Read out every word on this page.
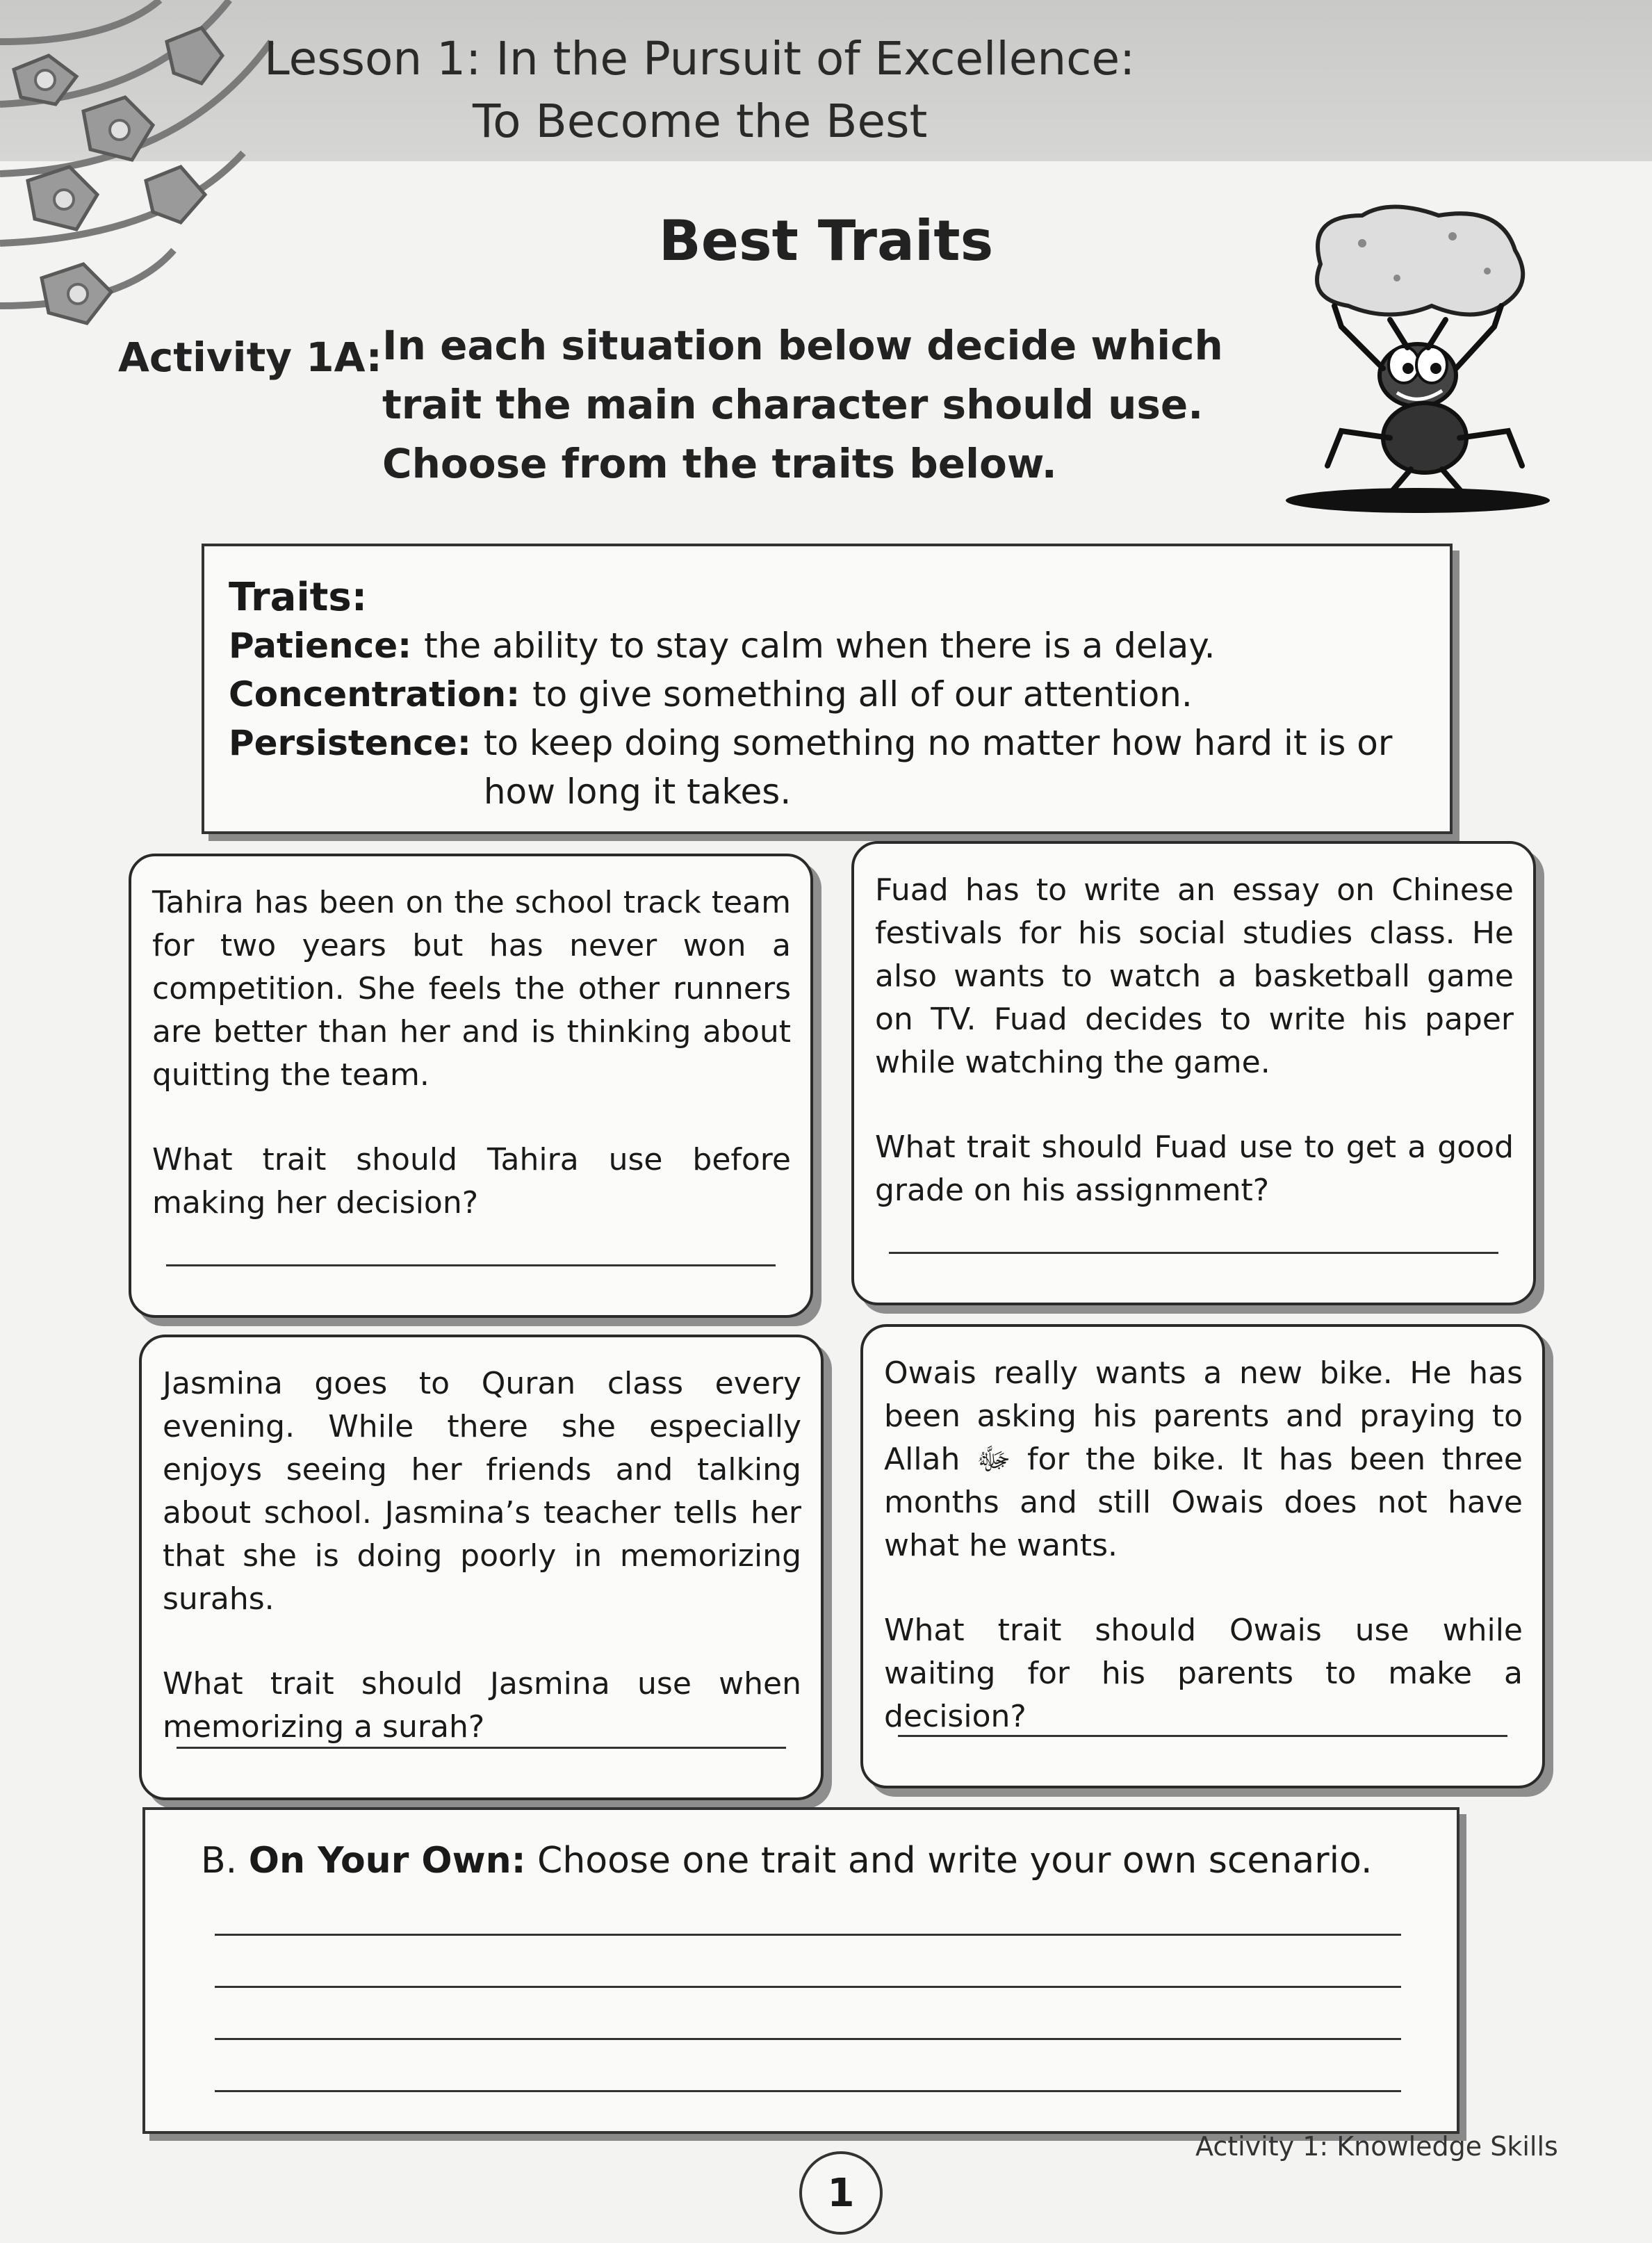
Lesson 1: In the Pursuit of Excellence:
To Become the Best
Best Traits
Activity 1A: In each situation below decide which trait the main character should use. Choose from the traits below.
Traits:
Patience: the ability to stay calm when there is a delay.
Concentration: to give something all of our attention.
Persistence: to keep doing something no matter how hard it is or how long it takes.

Tahira has been on the school track team for two years but has never won a competition. She feels the other runners are better than her and is thinking about quitting the team.

What trait should Tahira use before making her decision?

Fuad has to write an essay on Chinese festivals for his social studies class. He also wants to watch a basketball game on TV. Fuad decides to write his paper while watching the game.

What trait should Fuad use to get a good grade on his assignment?

Jasmina goes to Quran class every evening. While there she especially enjoys seeing her friends and talking about school. Jasmina’s teacher tells her that she is doing poorly in memorizing surahs.

What trait should Jasmina use when memorizing a surah?

Owais really wants a new bike. He has been asking his parents and praying to Allah ﷻ for the bike. It has been three months and still Owais does not have what he wants.

What trait should Owais use while waiting for his parents to make a decision?

B. On Your Own: Choose one trait and write your own scenario.

Activity 1: Knowledge Skills
1
